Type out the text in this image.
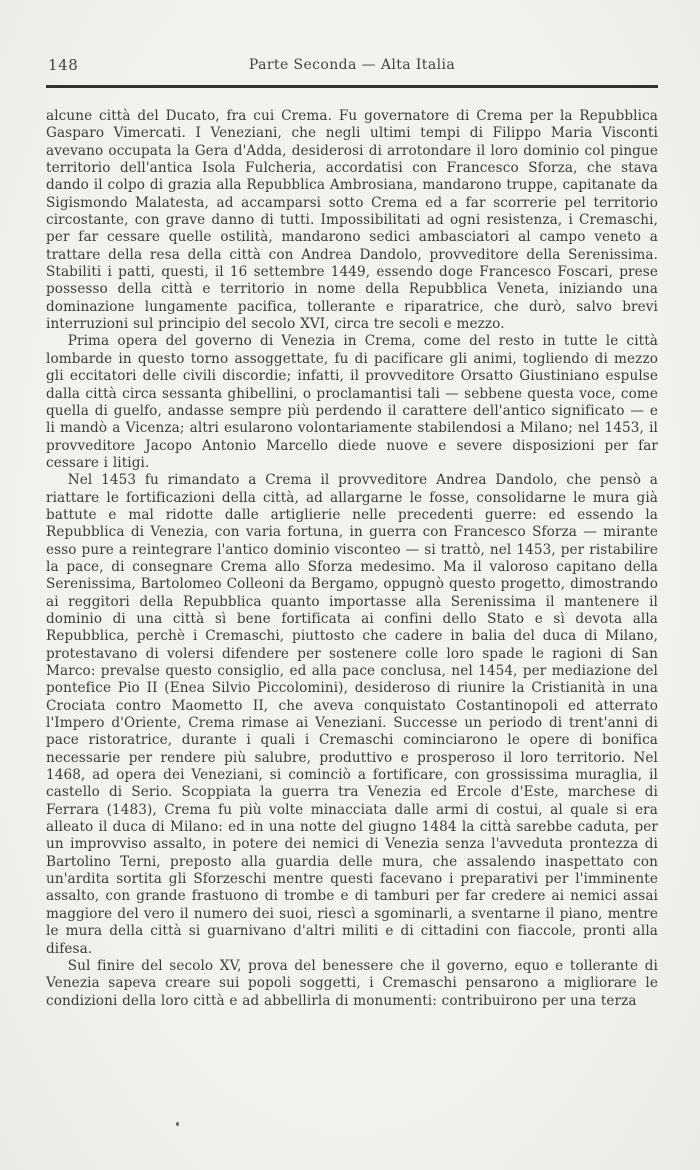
148	Parte Seconda — Alta Italia

alcune città del Ducato, fra cui Crema. Fu governatore di Crema per la Repubblica Gasparo Vimercati. I Veneziani, che negli ultimi tempi di Filippo Maria Visconti avevano occupata la Gera d'Adda, desiderosi di arrotondare il loro dominio col pingue territorio dell'antica Isola Fulcheria, accordatisi con Francesco Sforza, che stava dando il colpo di grazia alla Repubblica Ambrosiana, mandarono truppe, capitanate da Sigismondo Malatesta, ad accamparsi sotto Crema ed a far scorrerie pel territorio circostante, con grave danno di tutti. Impossibilitati ad ogni resistenza, i Cremaschi, per far cessare quelle ostilità, mandarono sedici ambasciatori al campo veneto a trattare della resa della città con Andrea Dandolo, provveditore della Serenissima. Stabiliti i patti, questi, il 16 settembre 1449, essendo doge Francesco Foscari, prese possesso della città e territorio in nome della Repubblica Veneta, iniziando una dominazione lungamente pacifica, tollerante e riparatrice, che durò, salvo brevi interruzioni sul principio del secolo XVI, circa tre secoli e mezzo.

Prima opera del governo di Venezia in Crema, come del resto in tutte le città lombarde in questo torno assoggettate, fu di pacificare gli animi, togliendo di mezzo gli eccitatori delle civili discordie; infatti, il provveditore Orsatto Giustiniano espulse dalla città circa sessanta ghibellini, o proclamantisi tali — sebbene questa voce, come quella di guelfo, andasse sempre più perdendo il carattere dell'antico significato — e li mandò a Vicenza; altri esularono volontariamente stabilendosi a Milano; nel 1453, il provveditore Jacopo Antonio Marcello diede nuove e severe disposizioni per far cessare i litigi.

Nel 1453 fu rimandato a Crema il provveditore Andrea Dandolo, che pensò a riattare le fortificazioni della città, ad allargarne le fosse, consolidarne le mura già battute e mal ridotte dalle artiglierie nelle precedenti guerre: ed essendo la Repubblica di Venezia, con varia fortuna, in guerra con Francesco Sforza — mirante esso pure a reintegrare l'antico dominio visconteo — si trattò, nel 1453, per ristabilire la pace, di consegnare Crema allo Sforza medesimo. Ma il valoroso capitano della Serenissima, Bartolomeo Colleoni da Bergamo, oppugnò questo progetto, dimostrando ai reggitori della Repubblica quanto importasse alla Serenissima il mantenere il dominio di una città sì bene fortificata ai confini dello Stato e sì devota alla Repubblica, perchè i Cremaschi, piuttosto che cadere in balia del duca di Milano, protestavano di volersi difendere per sostenere colle loro spade le ragioni di San Marco: prevalse questo consiglio, ed alla pace conclusa, nel 1454, per mediazione del pontefice Pio II (Enea Silvio Piccolomini), desideroso di riunire la Cristianità in una Crociata contro Maometto II, che aveva conquistato Costantinopoli ed atterrato l'Impero d'Oriente, Crema rimase ai Veneziani. Successe un periodo di trent'anni di pace ristoratrice, durante i quali i Cremaschi cominciarono le opere di bonifica necessarie per rendere più salubre, produttivo e prosperoso il loro territorio. Nel 1468, ad opera dei Veneziani, si cominciò a fortificare, con grossissima muraglia, il castello di Serio. Scoppiata la guerra tra Venezia ed Ercole d'Este, marchese di Ferrara (1483), Crema fu più volte minacciata dalle armi di costui, al quale si era alleato il duca di Milano: ed in una notte del giugno 1484 la città sarebbe caduta, per un improvviso assalto, in potere dei nemici di Venezia senza l'avveduta prontezza di Bartolino Terni, preposto alla guardia delle mura, che assalendo inaspettato con un'ardita sortita gli Sforzeschi mentre questi facevano i preparativi per l'imminente assalto, con grande frastuono di trombe e di tamburi per far credere ai nemici assai maggiore del vero il numero dei suoi, riescì a sgominarli, a sventarne il piano, mentre le mura della città si guarnivano d'altri militi e di cittadini con fiaccole, pronti alla difesa.

Sul finire del secolo XV, prova del benessere che il governo, equo e tollerante di Venezia sapeva creare sui popoli soggetti, i Cremaschi pensarono a migliorare le condizioni della loro città e ad abbellirla di monumenti: contribuirono per una terza
